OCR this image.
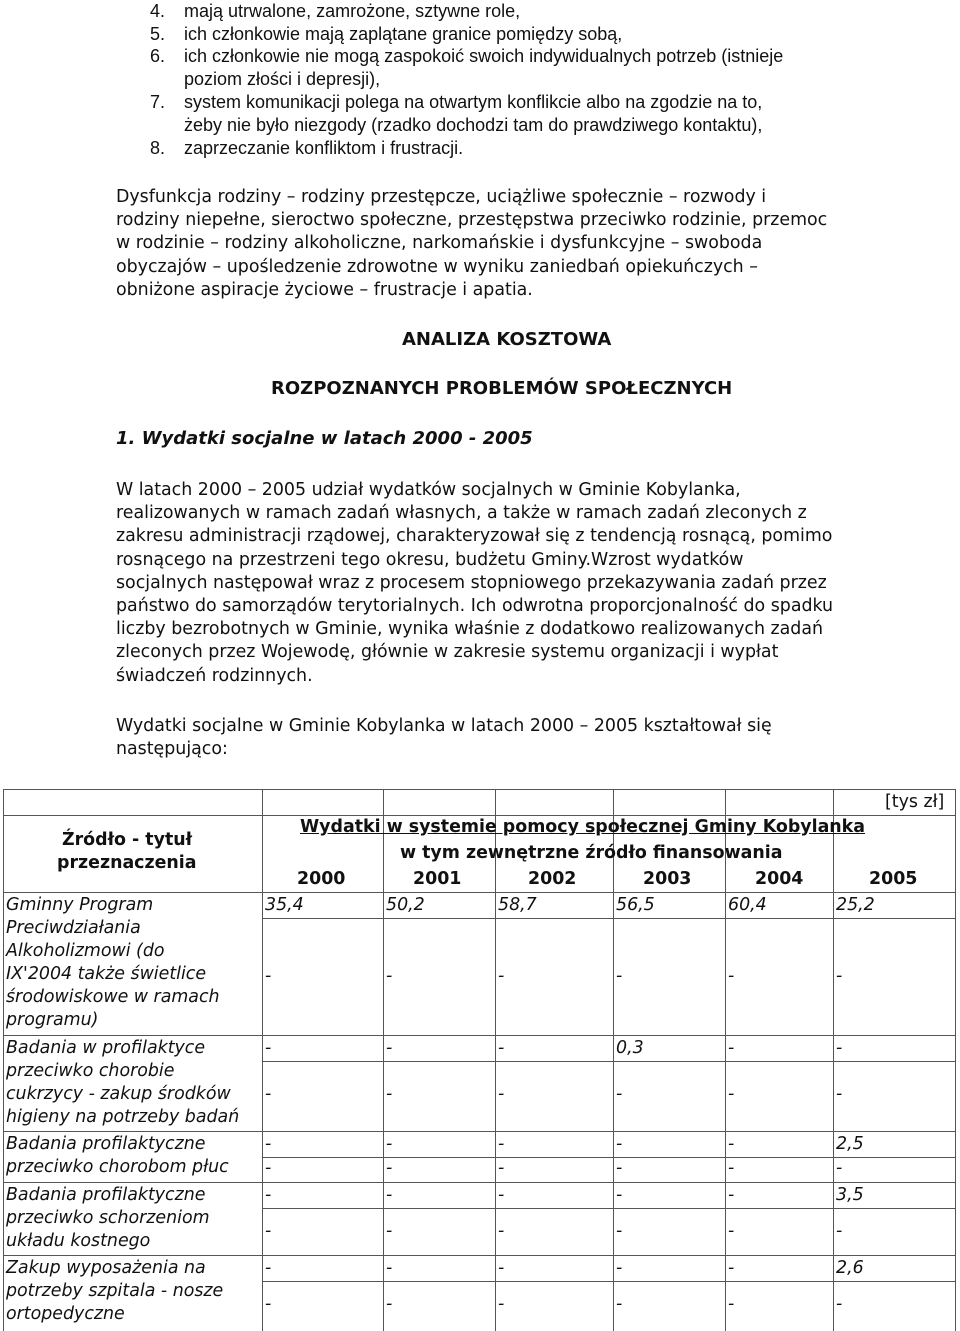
4. mają utrwalone, zamrożone, sztywne role,
5. ich członkowie mają zaplątane granice pomiędzy sobą,
6. ich członkowie nie mogą zaspokoić swoich indywidualnych potrzeb (istnieje
poziom złości i depresji),
7. system komunikacji polega na otwartym konflikcie albo na zgodzie na to,
żeby nie było niezgody (rzadko dochodzi tam do prawdziwego kontaktu),
8. zaprzeczanie konfliktom i frustracji.
Dysfunkcja rodziny – rodziny przestępcze, uciążliwe społecznie – rozwody i
rodziny niepełne, sieroctwo społeczne, przestępstwa przeciwko rodzinie, przemoc
w rodzinie – rodziny alkoholiczne, narkomańskie i dysfunkcyjne – swoboda
obyczajów – upośledzenie zdrowotne w wyniku zaniedbań opiekuńczych –
obniżone aspiracje życiowe – frustracje i apatia.
ANALIZA KOSZTOWA
ROZPOZNANYCH PROBLEMÓW SPOŁECZNYCH
1. Wydatki socjalne w latach 2000 - 2005
W latach 2000 – 2005 udział wydatków socjalnych w Gminie Kobylanka,
realizowanych w ramach zadań własnych, a także w ramach zadań zleconych z
zakresu administracji rządowej, charakteryzował się z tendencją rosnącą, pomimo
rosnącego na przestrzeni tego okresu, budżetu Gminy.Wzrost wydatków
socjalnych następował wraz z procesem stopniowego przekazywania zadań przez
państwo do samorządów terytorialnych. Ich odwrotna proporcjonalność do spadku
liczby bezrobotnych w Gminie, wynika właśnie z dodatkowo realizowanych zadań
zleconych przez Wojewodę, głównie w zakresie systemu organizacji i wypłat
świadczeń rodzinnych.
Wydatki socjalne w Gminie Kobylanka w latach 2000 – 2005 kształtował się
następująco:
[tys zł]
Źródło - tytuł
przeznaczenia
Wydatki w systemie pomocy społecznej Gminy Kobylanka
w tym zewnętrzne źródło finansowania
2000	2001	2002	2003	2004	2005
Gminny Program
Preciwdziałania
Alkoholizmowi (do
IX'2004 także świetlice
środowiskowe w ramach
programu)
35,4	50,2	58,7	56,5	60,4	25,2
-	-	-	-	-	-
Badania w profilaktyce
przeciwko chorobie
cukrzycy - zakup środków
higieny na potrzeby badań
-	-	-	0,3	-	-
-	-	-	-	-	-
Badania profilaktyczne
przeciwko chorobom płuc
-	-	-	-	-	2,5
-	-	-	-	-	-
Badania profilaktyczne
przeciwko schorzeniom
układu kostnego
-	-	-	-	-	3,5
-	-	-	-	-	-
Zakup wyposażenia na
potrzeby szpitala - nosze
ortopedyczne
-	-	-	-	-	2,6
-	-	-	-	-	-
